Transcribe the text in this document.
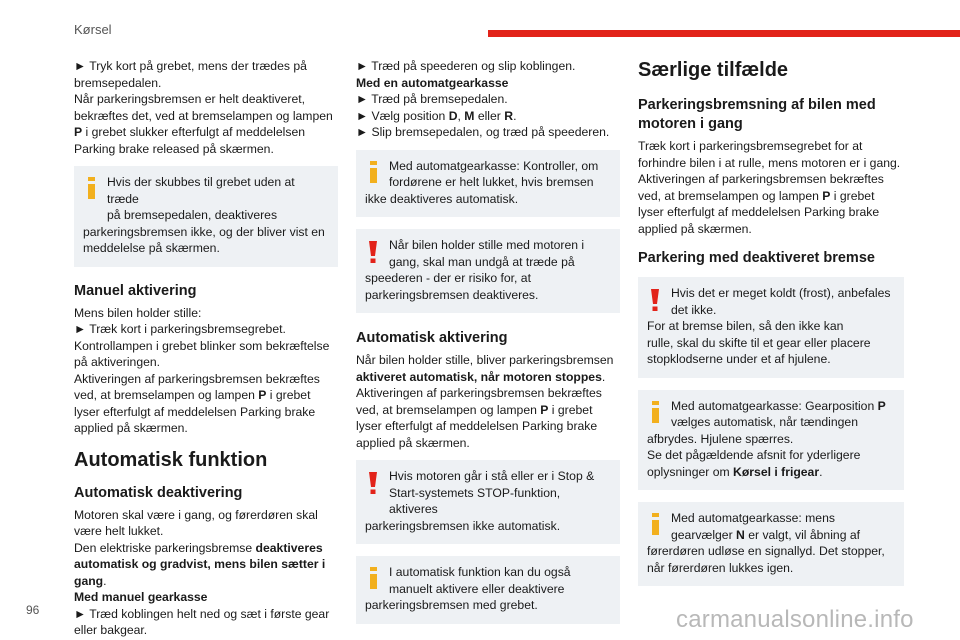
Kørsel

► Tryk kort på grebet, mens der trædes på

bremsepedalen.

Når parkeringsbremsen er helt deaktiveret,

bekræftes det, ved at bremselampen og lampen

P i grebet slukker efterfulgt af meddelelsen

Parking brake released på skærmen.

Hvis der skubbes til grebet uden at træde
på bremsepedalen, deaktiveres
parkeringsbremsen ikke, og der bliver vist en
meddelelse på skærmen.
Manuel aktivering

Mens bilen holder stille:

► Træk kort i parkeringsbremsegrebet.

Kontrollampen i grebet blinker som bekræftelse

på aktiveringen.

Aktiveringen af parkeringsbremsen bekræftes

ved, at bremselampen og lampen P i grebet

lyser efterfulgt af meddelelsen Parking brake

applied på skærmen.

Automatisk funktion
Automatisk deaktivering

Motoren skal være i gang, og førerdøren skal

være helt lukket.

Den elektriske parkeringsbremse deaktiveres

automatisk og gradvist, mens bilen sætter i

gang.

Med manuel gearkasse

► Træd koblingen helt ned og sæt i første gear

eller bakgear.

► Træd på speederen og slip koblingen.

Med en automatgearkasse

► Træd på bremsepedalen.

► Vælg position D, M eller R.

► Slip bremsepedalen, og træd på speederen.

Med automatgearkasse: Kontroller, om
fordørene er helt lukket, hvis bremsen
ikke deaktiveres automatisk.
Når bilen holder stille med motoren i
gang, skal man undgå at træde på
speederen - der er risiko for, at
parkeringsbremsen deaktiveres.
Automatisk aktivering

Når bilen holder stille, bliver parkeringsbremsen

aktiveret automatisk, når motoren stoppes.

Aktiveringen af parkeringsbremsen bekræftes

ved, at bremselampen og lampen P i grebet

lyser efterfulgt af meddelelsen Parking brake

applied på skærmen.

Hvis motoren går i stå eller er i Stop &
Start-systemets STOP-funktion, aktiveres
parkeringsbremsen ikke automatisk.
I automatisk funktion kan du også
manuelt aktivere eller deaktivere
parkeringsbremsen med grebet.
Særlige tilfælde
Parkeringsbremsning af bilen med motoren i gang

Træk kort i parkeringsbremsegrebet for at

forhindre bilen i at rulle, mens motoren er i gang.

Aktiveringen af parkeringsbremsen bekræftes

ved, at bremselampen og lampen P i grebet

lyser efterfulgt af meddelelsen Parking brake

applied på skærmen.

Parkering med deaktiveret bremse
Hvis det er meget koldt (frost), anbefales
det ikke.
For at bremse bilen, så den ikke kan
rulle, skal du skifte til et gear eller placere
stopklodserne under et af hjulene.
Med automatgearkasse: Gearposition P
vælges automatisk, når tændingen
afbrydes. Hjulene spærres.
Se det pågældende afsnit for yderligere
oplysninger om Kørsel i frigear.
Med automatgearkasse: mens
gearvælger N er valgt, vil åbning af
førerdøren udløse en signallyd. Det stopper,
når førerdøren lukkes igen.
96	carmanualsonline.info
